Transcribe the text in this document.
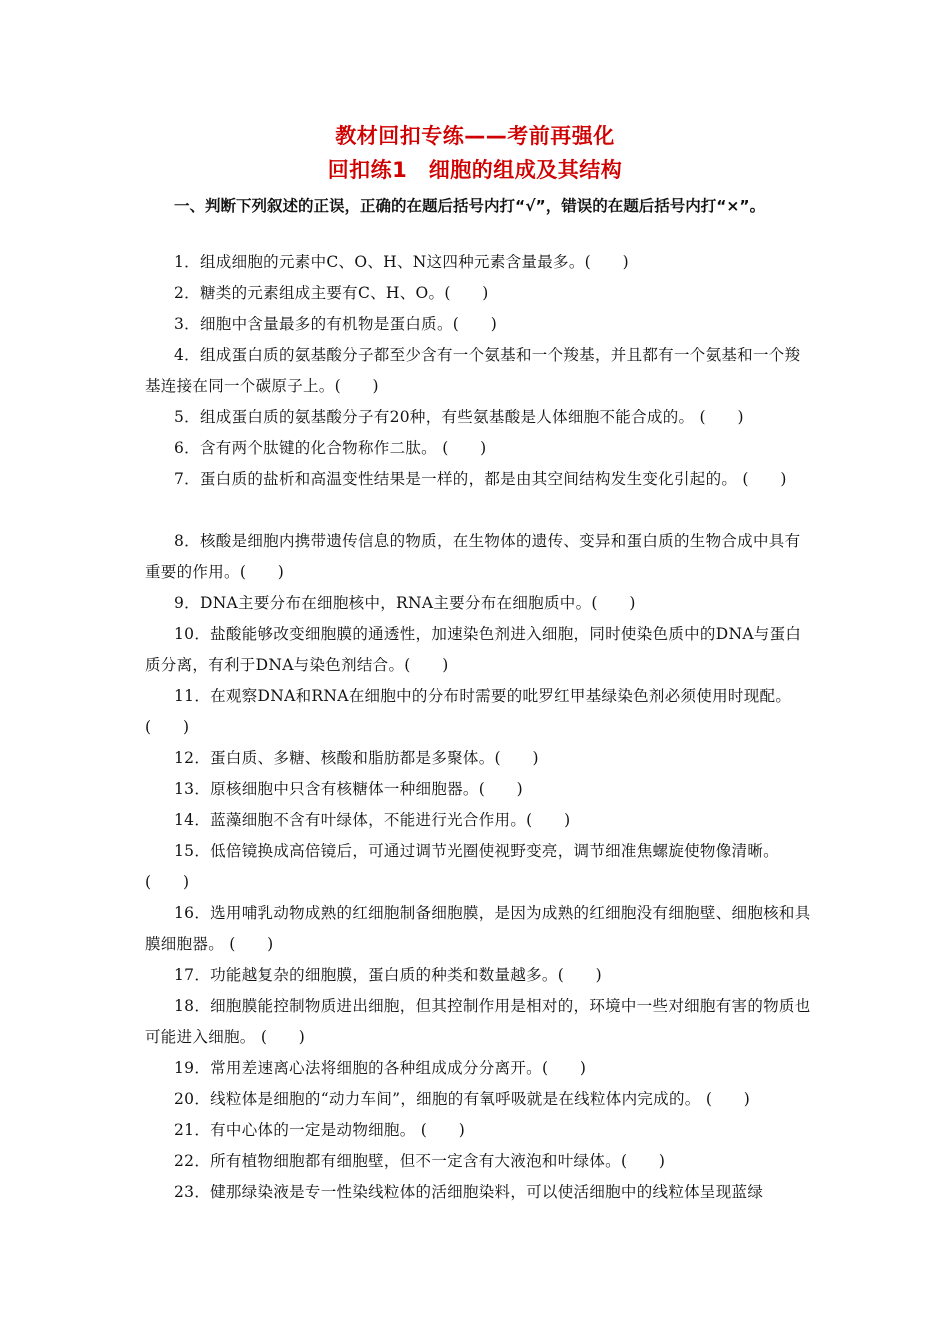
教材回扣专练——考前再强化
回扣练1　细胞的组成及其结构
一、判断下列叙述的正误，正确的在题后括号内打“√”，错误的在题后括号内打“×”。
1．组成细胞的元素中C、O、H、N这四种元素含量最多。(　　)
2．糖类的元素组成主要有C、H、O。(　　)
3．细胞中含量最多的有机物是蛋白质。(　　)
4．组成蛋白质的氨基酸分子都至少含有一个氨基和一个羧基，并且都有一个氨基和一个羧基连接在同一个碳原子上。(　　)
5．组成蛋白质的氨基酸分子有20种，有些氨基酸是人体细胞不能合成的。 (　　)
6．含有两个肽键的化合物称作二肽。 (　　)
7．蛋白质的盐析和高温变性结果是一样的，都是由其空间结构发生变化引起的。 (　　)
8．核酸是细胞内携带遗传信息的物质，在生物体的遗传、变异和蛋白质的生物合成中具有重要的作用。(　　)
9．DNA主要分布在细胞核中，RNA主要分布在细胞质中。(　　)
10．盐酸能够改变细胞膜的通透性，加速染色剂进入细胞，同时使染色质中的DNA与蛋白质分离，有利于DNA与染色剂结合。(　　)
11．在观察DNA和RNA在细胞中的分布时需要的吡罗红甲基绿染色剂必须使用时现配。(　　)
12．蛋白质、多糖、核酸和脂肪都是多聚体。(　　)
13．原核细胞中只含有核糖体一种细胞器。(　　)
14．蓝藻细胞不含有叶绿体，不能进行光合作用。(　　)
15．低倍镜换成高倍镜后，可通过调节光圈使视野变亮，调节细准焦螺旋使物像清晰。(　　)
16．选用哺乳动物成熟的红细胞制备细胞膜，是因为成熟的红细胞没有细胞壁、细胞核和具膜细胞器。 (　　)
17．功能越复杂的细胞膜，蛋白质的种类和数量越多。(　　)
18．细胞膜能控制物质进出细胞，但其控制作用是相对的，环境中一些对细胞有害的物质也可能进入细胞。 (　　)
19．常用差速离心法将细胞的各种组成成分分离开。(　　)
20．线粒体是细胞的“动力车间”，细胞的有氧呼吸就是在线粒体内完成的。 (　　)
21．有中心体的一定是动物细胞。 (　　)
22．所有植物细胞都有细胞壁，但不一定含有大液泡和叶绿体。(　　)
23．健那绿染液是专一性染线粒体的活细胞染料，可以使活细胞中的线粒体呈现蓝绿
